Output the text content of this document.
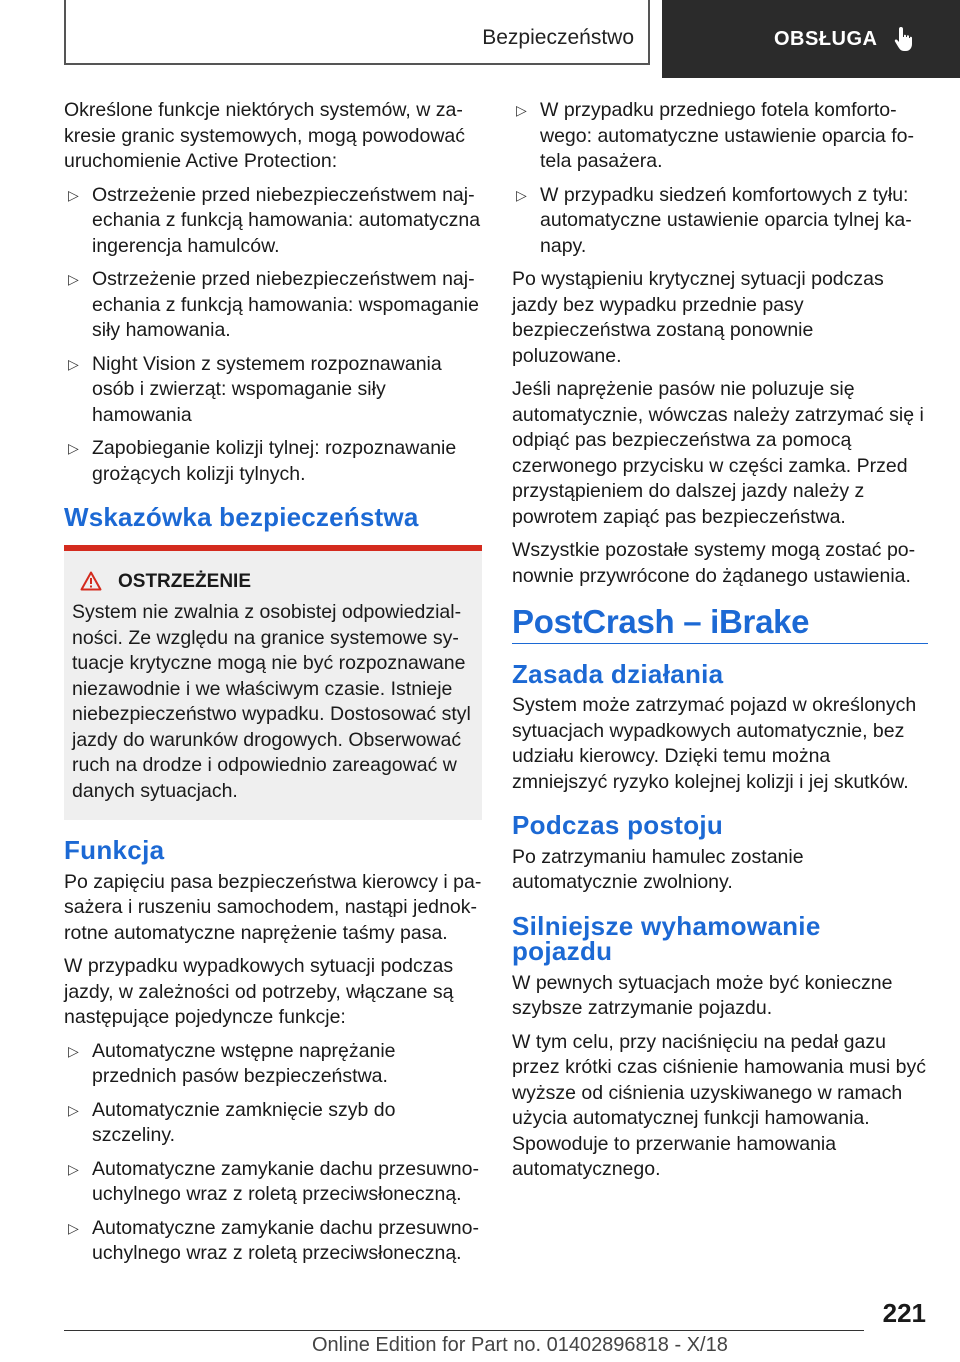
Bezpieczeństwo	OBSŁUGA

Określone funkcje niektórych systemów, w zakresie granic systemowych, mogą powodować uruchomienie Active Protection:

▷ Ostrzeżenie przed niebezpieczeństwem najechania z funkcją hamowania: automatyczna ingerencja hamulców.
▷ Ostrzeżenie przed niebezpieczeństwem najechania z funkcją hamowania: wspomaganie siły hamowania.
▷ Night Vision z systemem rozpoznawania osób i zwierząt: wspomaganie siły hamowania
▷ Zapobieganie kolizji tylnej: rozpoznawanie grożących kolizji tylnych.
Wskazówka bezpieczeństwa
OSTRZEŻENIE

System nie zwalnia z osobistej odpowiedzialności. Ze względu na granice systemowe sytuacje krytyczne mogą nie być rozpoznawane niezawodnie i we właściwym czasie. Istnieje niebezpieczeństwo wypadku. Dostosować styl jazdy do warunków drogowych. Obserwować ruch na drodze i odpowiednio zareagować w danych sytuacjach.

Funkcja

Po zapięciu pasa bezpieczeństwa kierowcy i pasażera i ruszeniu samochodem, nastąpi jednokrotne automatyczne naprężenie taśmy pasa.

W przypadku wypadkowych sytuacji podczas jazdy, w zależności od potrzeby, włączane są następujące pojedyncze funkcje:

▷ Automatyczne wstępne naprężanie przednich pasów bezpieczeństwa.
▷ Automatycznie zamknięcie szyb do szczeliny.
▷ Automatyczne zamykanie dachu przesuwno-uchylnego wraz z roletą przeciwsłoneczną.
▷ Automatyczne zamykanie dachu przesuwno-uchylnego wraz z roletą przeciwsłoneczną.
▷ W przypadku przedniego fotela komfortowego: automatyczne ustawienie oparcia fotela pasażera.
▷ W przypadku siedzeń komfortowych z tyłu: automatyczne ustawienie oparcia tylnej kanapy.

Po wystąpieniu krytycznej sytuacji podczas jazdy bez wypadku przednie pasy bezpieczeństwa zostaną ponownie poluzowane.

Jeśli naprężenie pasów nie poluzuje się automatycznie, wówczas należy zatrzymać się i odpiąć pas bezpieczeństwa za pomocą czerwonego przycisku w części zamka. Przed przystąpieniem do dalszej jazdy należy z powrotem zapiąć pas bezpieczeństwa.

Wszystkie pozostałe systemy mogą zostać ponownie przywrócone do żądanego ustawienia.

PostCrash – iBrake
Zasada działania

System może zatrzymać pojazd w określonych sytuacjach wypadkowych automatycznie, bez udziału kierowcy. Dzięki temu można zmniejszyć ryzyko kolejnej kolizji i jej skutków.

Podczas postoju

Po zatrzymaniu hamulec zostanie automatycznie zwolniony.

Silniejsze wyhamowanie pojazdu

W pewnych sytuacjach może być konieczne szybsze zatrzymanie pojazdu.

W tym celu, przy naciśnięciu na pedał gazu przez krótki czas ciśnienie hamowania musi być wyższe od ciśnienia uzyskiwanego w ramach użycia automatycznej funkcji hamowania. Spowoduje to przerwanie hamowania automatycznego.

221
Online Edition for Part no. 01402896818 - X/18
